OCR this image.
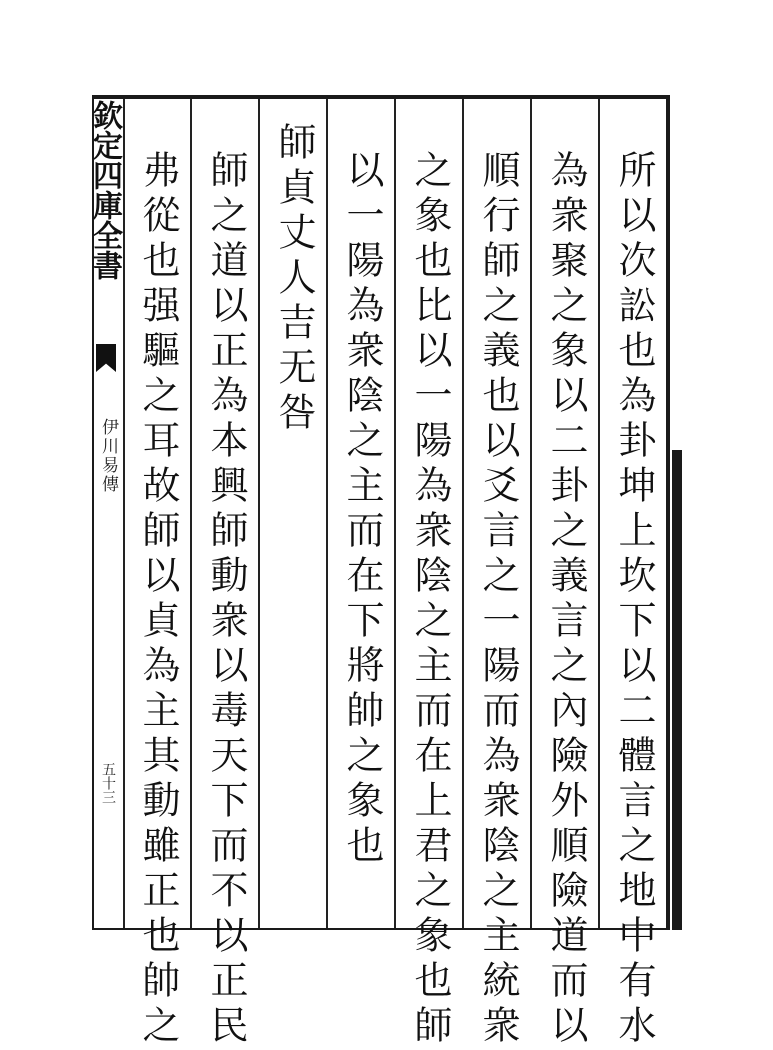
欽定四庫全書
伊川易傳
五十三	所以次訟也為卦坤上坎下以二體言之地中有水
為衆聚之象以二卦之義言之內險外順險道而以
順行師之義也以爻言之一陽而為衆陰之主統衆
之象也比以一陽為衆陰之主而在上君之象也師
以一陽為衆陰之主而在下將帥之象也
師貞丈人吉无咎
師之道以正為本興師動衆以毒天下而不以正民
弗從也强驅之耳故師以貞為主其動雖正也帥之
